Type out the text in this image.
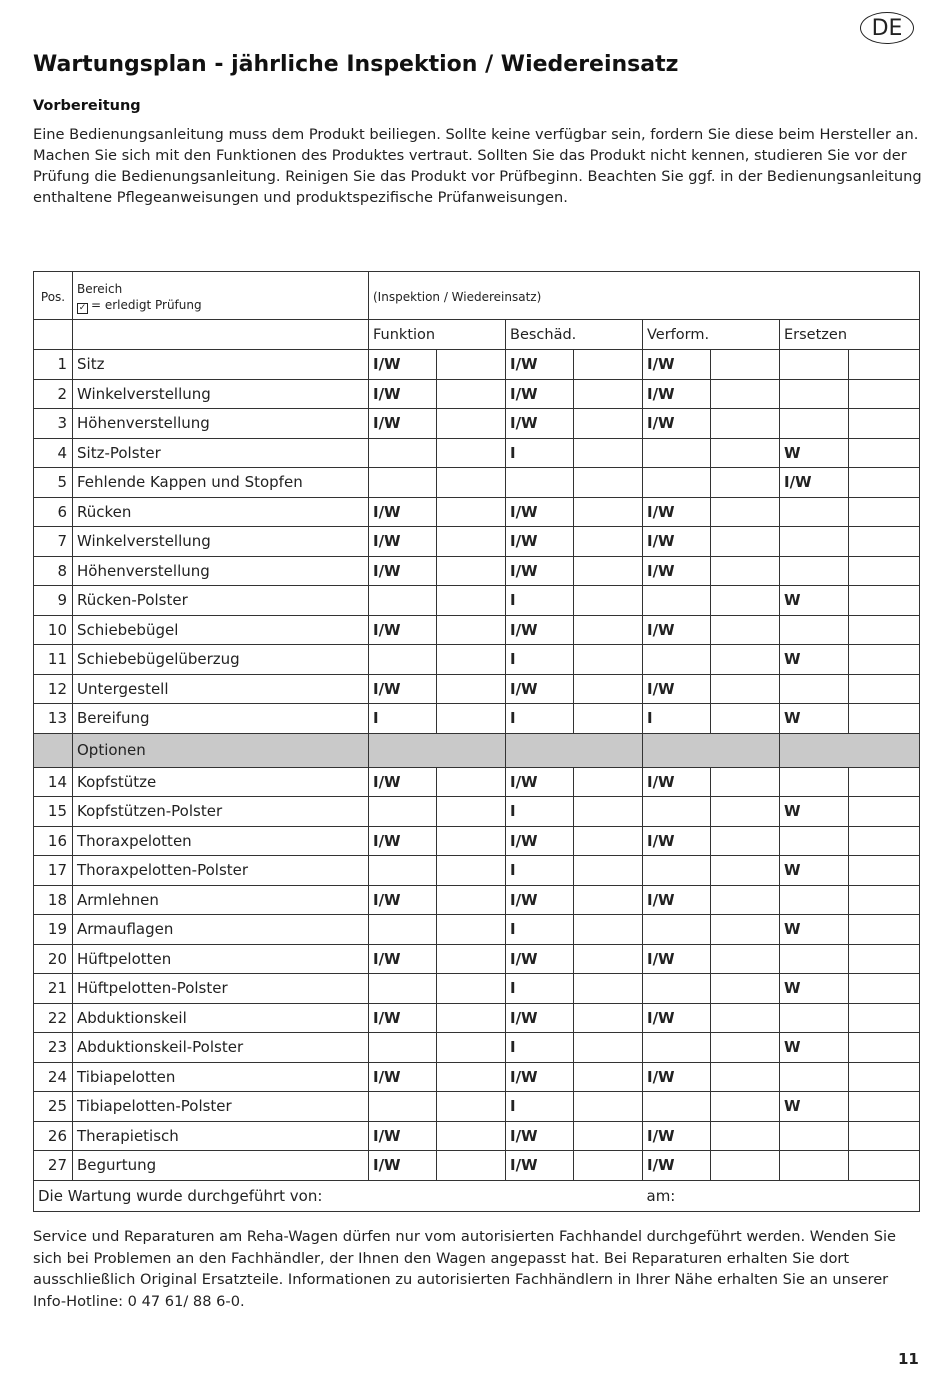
DE
Wartungsplan - jährliche Inspektion / Wiedereinsatz
Vorbereitung

Eine Bedienungsanleitung muss dem Produkt beiliegen. Sollte keine verfügbar sein, fordern Sie diese beim Hersteller an. Machen Sie sich mit den Funktionen des Produktes vertraut. Sollten Sie das Produkt nicht kennen, studieren Sie vor der Prüfung die Bedienungsanleitung. Reinigen Sie das Produkt vor Prüfbeginn. Beachten Sie ggf. in der Bedienungsanleitung enthaltene Pflegeanweisungen und produktspezifische Prüfanweisungen.

Pos.	Bereich
✓ = erledigt Prüfung	(Inspektion / Wiedereinsatz)							
		Funktion		Beschäd.		Verform.		Ersetzen	
1	Sitz	I/W		I/W		I/W			
2	Winkelverstellung	I/W		I/W		I/W			
3	Höhenverstellung	I/W		I/W		I/W			
4	Sitz-Polster			I				W	
5	Fehlende Kappen und Stopfen							I/W	
6	Rücken	I/W		I/W		I/W			
7	Winkelverstellung	I/W		I/W		I/W			
8	Höhenverstellung	I/W		I/W		I/W			
9	Rücken-Polster			I				W	
10	Schiebebügel	I/W		I/W		I/W			
11	Schiebebügelüberzug			I				W	
12	Untergestell	I/W		I/W		I/W			
13	Bereifung	I		I		I		W	
	Optionen								
14	Kopfstütze	I/W		I/W		I/W			
15	Kopfstützen-Polster			I				W	
16	Thoraxpelotten	I/W		I/W		I/W			
17	Thoraxpelotten-Polster			I				W	
18	Armlehnen	I/W		I/W		I/W			
19	Armauflagen			I				W	
20	Hüftpelotten	I/W		I/W		I/W			
21	Hüftpelotten-Polster			I				W	
22	Abduktionskeil	I/W		I/W		I/W			
23	Abduktionskeil-Polster			I				W	
24	Tibiapelotten	I/W		I/W		I/W			
25	Tibiapelotten-Polster			I				W	
26	Therapietisch	I/W		I/W		I/W			
27	Begurtung	I/W		I/W		I/W			
Die Wartung wurde durchgeführt von:						am:			

Service und Reparaturen am Reha-Wagen dürfen nur vom autorisierten Fachhandel durchgeführt werden. Wenden Sie sich bei Problemen an den Fachhändler, der Ihnen den Wagen angepasst hat. Bei Reparaturen erhalten Sie dort ausschließlich Original Ersatzteile. Informationen zu autorisierten Fachhändlern in Ihrer Nähe erhalten Sie an unserer Info-Hotline: 0 47 61/ 88 6-0.

11
